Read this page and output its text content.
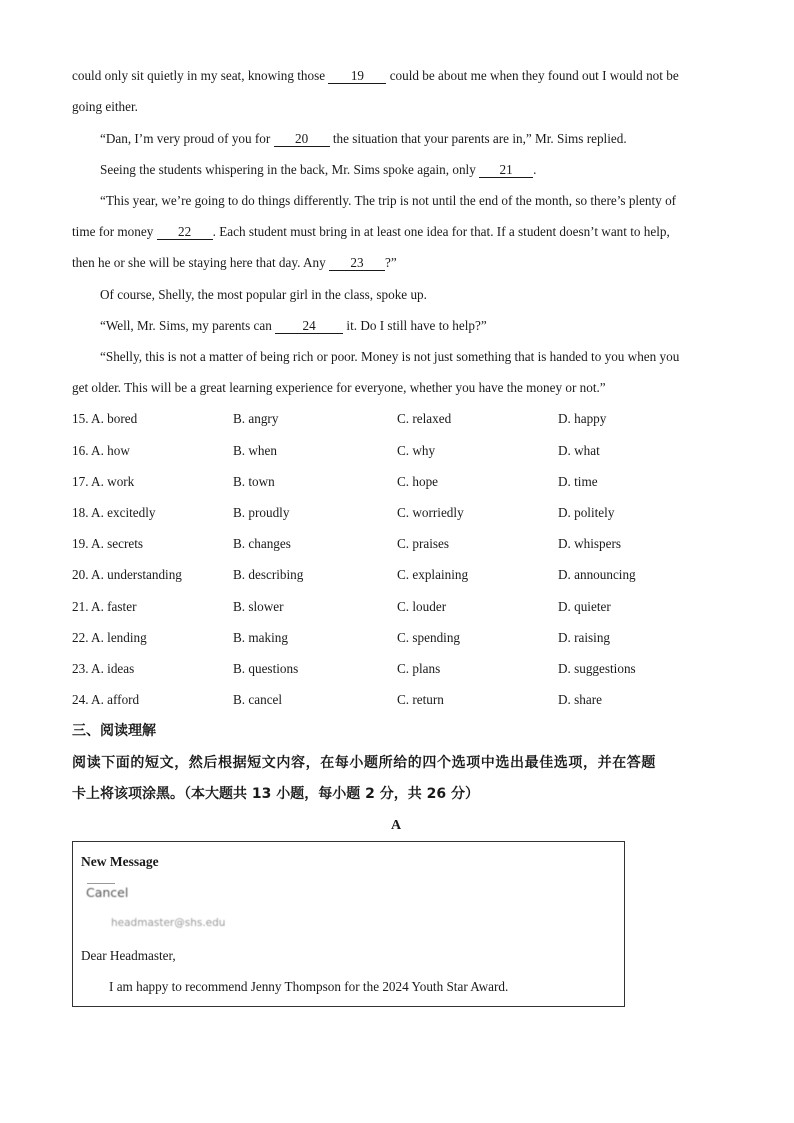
could only sit quietly in my seat, knowing those 19 could be about me when they found out I would not be
going either.
“Dan, I’m very proud of you for 20 the situation that your parents are in,” Mr. Sims replied.
Seeing the students whispering in the back, Mr. Sims spoke again, only 21 .
“This year, we’re going to do things differently. The trip is not until the end of the month, so there’s plenty of
time for money 22 . Each student must bring in at least one idea for that. If a student doesn’t want to help,
then he or she will be staying here that day. Any 23 ?”
Of course, Shelly, the most popular girl in the class, spoke up.
“Well, Mr. Sims, my parents can 24 it. Do I still have to help?”
“Shelly, this is not a matter of being rich or poor. Money is not just something that is handed to you when you
get older. This will be a great learning experience for everyone, whether you have the money or not.”
15. A. bored	B. angry	C. relaxed	D. happy
16. A. how	B. when	C. why	D. what
17. A. work	B. town	C. hope	D. time
18. A. excitedly	B. proudly	C. worriedly	D. politely
19. A. secrets	B. changes	C. praises	D. whispers
20. A. understanding	B. describing	C. explaining	D. announcing
21. A. faster	B. slower	C. louder	D. quieter
22. A. lending	B. making	C. spending	D. raising
23. A. ideas	B. questions	C. plans	D. suggestions
24. A. afford	B. cancel	C. return	D. share
三、阅读理解
阅读下面的短文，然后根据短文内容，在每小题所给的四个选项中选出最佳选项，并在答题
卡上将该项涂黑。（本大题共 13 小题，每小题 2 分，共 26 分）
A
New Message
Cancel
headmaster@shs.edu
Dear Headmaster,
I am happy to recommend Jenny Thompson for the 2024 Youth Star Award.
